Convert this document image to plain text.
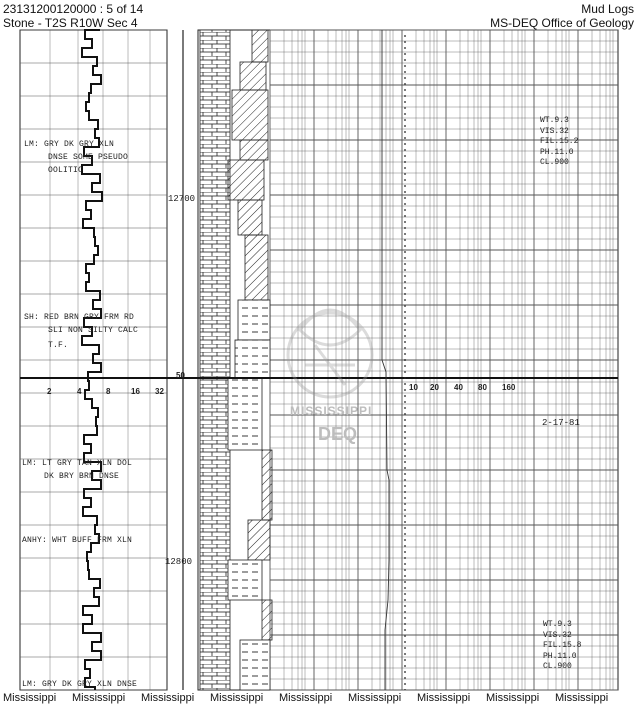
23131200120000 : 5 of 14
Stone - T2S R10W Sec 4
Mud Logs
MS-DEQ Office of Geology
MISSISSIPPI
DEQ
12700
12800
50
2	4	8	16 32	10 20 40 80 160
LM: GRY DK GRY XLN
DNSE SOME PSEUDO
OOLITIC
SH: RED BRN GRY FRM RD
SLI NON SILTY CALC
T.F.
LM: LT GRY TAN XLN DOL
DK BRY BRN DNSE
ANHY: WHT BUFF FRM XLN
LM: GRY DK GRY XLN DNSE
2-17-81
WT.9.3
VIS.32
FIL.15.2
PH.11.0
CL.900
WT.9.3
VIS.32
FIL.15.8
PH.11.0
CL.900
Mississippi Mississippi Mississippi Mississippi Mississippi Mississippi Mississippi Mississippi Mississippi
